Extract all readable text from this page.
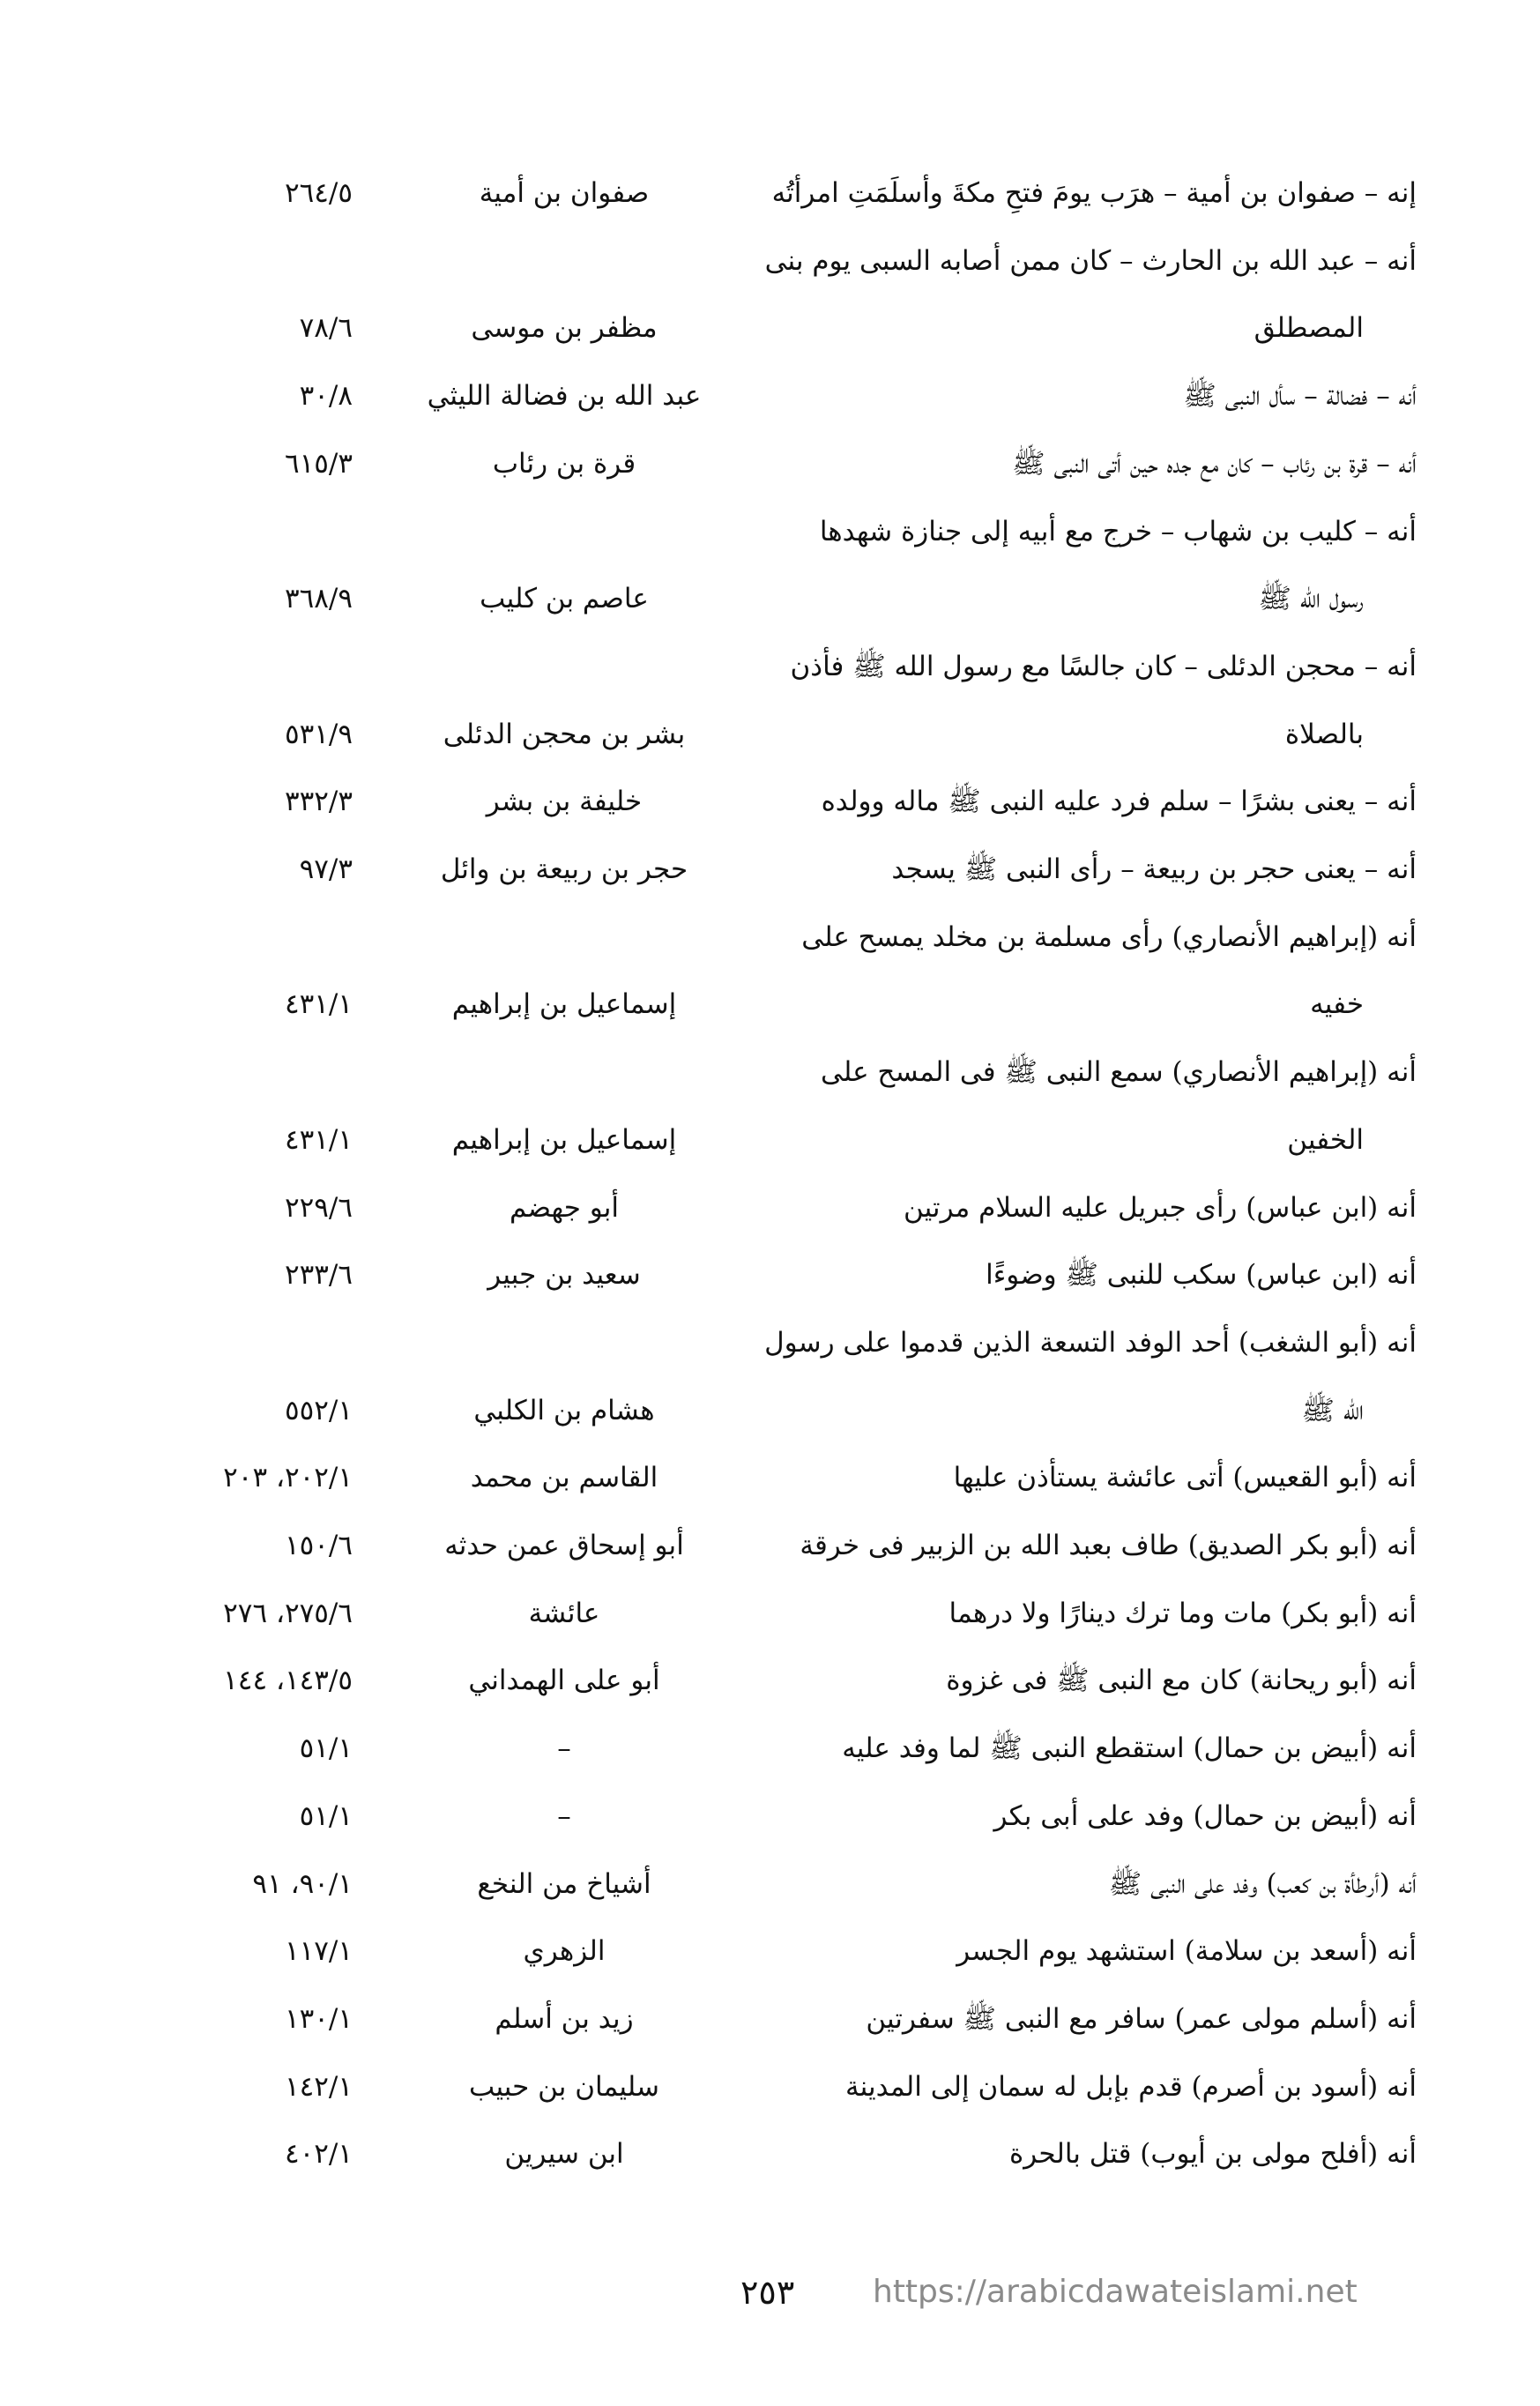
إنه – صفوان بن أمية – هرَب يومَ فتحِ مكةَ وأسلَمَتِ امرأتُه
صفوان بن أمية
٢٦٤/٥
أنه – عبد الله بن الحارث – كان ممن أصابه السبى يوم بنى
المصطلق
مظفر بن موسى
٧٨/٦
أنه – فضالة – سأل النبى ﷺ
عبد الله بن فضالة الليثي
٣٠/٨
أنه – قرة بن رئاب – كان مع جده حين أتى النبى ﷺ
قرة بن رئاب
٦١٥/٣
أنه – كليب بن شهاب – خرج مع أبيه إلى جنازة شهدها
رسول الله ﷺ
عاصم بن كليب
٣٦٨/٩
أنه – محجن الدئلى – كان جالسًا مع رسول الله ﷺ فأذن
بالصلاة
بشر بن محجن الدئلى
٥٣١/٩
أنه – يعنى بشرًا – سلم فرد عليه النبى ﷺ ماله وولده
خليفة بن بشر
٣٣٢/٣
أنه – يعنى حجر بن ربيعة – رأى النبى ﷺ يسجد
حجر بن ربيعة بن وائل
٩٧/٣
أنه (إبراهيم الأنصاري) رأى مسلمة بن مخلد يمسح على
خفيه
إسماعيل بن إبراهيم
٤٣١/١
أنه (إبراهيم الأنصاري) سمع النبى ﷺ فى المسح على
الخفين
إسماعيل بن إبراهيم
٤٣١/١
أنه (ابن عباس) رأى جبريل عليه السلام مرتين
أبو جهضم
٢٢٩/٦
أنه (ابن عباس) سكب للنبى ﷺ وضوءًا
سعيد بن جبير
٢٣٣/٦
أنه (أبو الشغب) أحد الوفد التسعة الذين قدموا على رسول
الله ﷺ
هشام بن الكلبي
٥٥٢/١
أنه (أبو القعيس) أتى عائشة يستأذن عليها
القاسم بن محمد
٢٠٢/١، ٢٠٣
أنه (أبو بكر الصديق) طاف بعبد الله بن الزبير فى خرقة
أبو إسحاق عمن حدثه
١٥٠/٦
أنه (أبو بكر) مات وما ترك دينارًا ولا درهما
عائشة
٢٧٥/٦، ٢٧٦
أنه (أبو ريحانة) كان مع النبى ﷺ فى غزوة
أبو على الهمداني
١٤٣/٥، ١٤٤
أنه (أبيض بن حمال) استقطع النبى ﷺ لما وفد عليه
–
٥١/١
أنه (أبيض بن حمال) وفد على أبى بكر
–
٥١/١
أنه (أرطأة بن كعب) وفد على النبى ﷺ
أشياخ من النخع
٩٠/١، ٩١
أنه (أسعد بن سلامة) استشهد يوم الجسر
الزهري
١١٧/١
أنه (أسلم مولى عمر) سافر مع النبى ﷺ سفرتين
زيد بن أسلم
١٣٠/١
أنه (أسود بن أصرم) قدم بإبل له سمان إلى المدينة
سليمان بن حبيب
١٤٢/١
أنه (أفلح مولى بن أيوب) قتل بالحرة
ابن سيرين
٤٠٢/١
٢٥٣ https://arabicdawateislami.net
